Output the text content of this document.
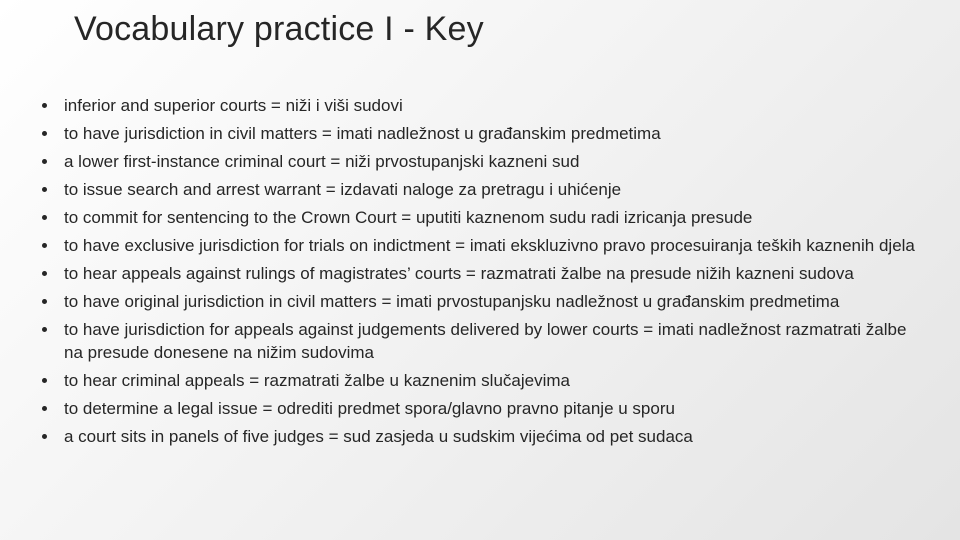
Vocabulary practice I - Key
inferior and superior courts = niži i viši sudovi
to have jurisdiction in civil matters = imati nadležnost u građanskim predmetima
a lower first-instance criminal court = niži prvostupanjski kazneni sud
to issue search and arrest warrant = izdavati naloge za pretragu i uhićenje
to commit for sentencing to the Crown Court = uputiti kaznenom sudu radi izricanja presude
to have exclusive jurisdiction for trials on indictment = imati ekskluzivno pravo procesuiranja teških kaznenih djela
to hear appeals against rulings of magistrates’ courts = razmatrati žalbe na presude nižih kazneni sudova
to have original jurisdiction in civil matters = imati prvostupanjsku nadležnost u građanskim predmetima
to have jurisdiction for appeals against judgements delivered by lower courts = imati nadležnost razmatrati žalbe na presude donesene na nižim sudovima
to hear criminal appeals = razmatrati žalbe u kaznenim slučajevima
to determine a legal issue = odrediti predmet spora/glavno pravno pitanje u sporu
a court sits in panels of five judges = sud zasjeda u sudskim vijećima od pet sudaca
